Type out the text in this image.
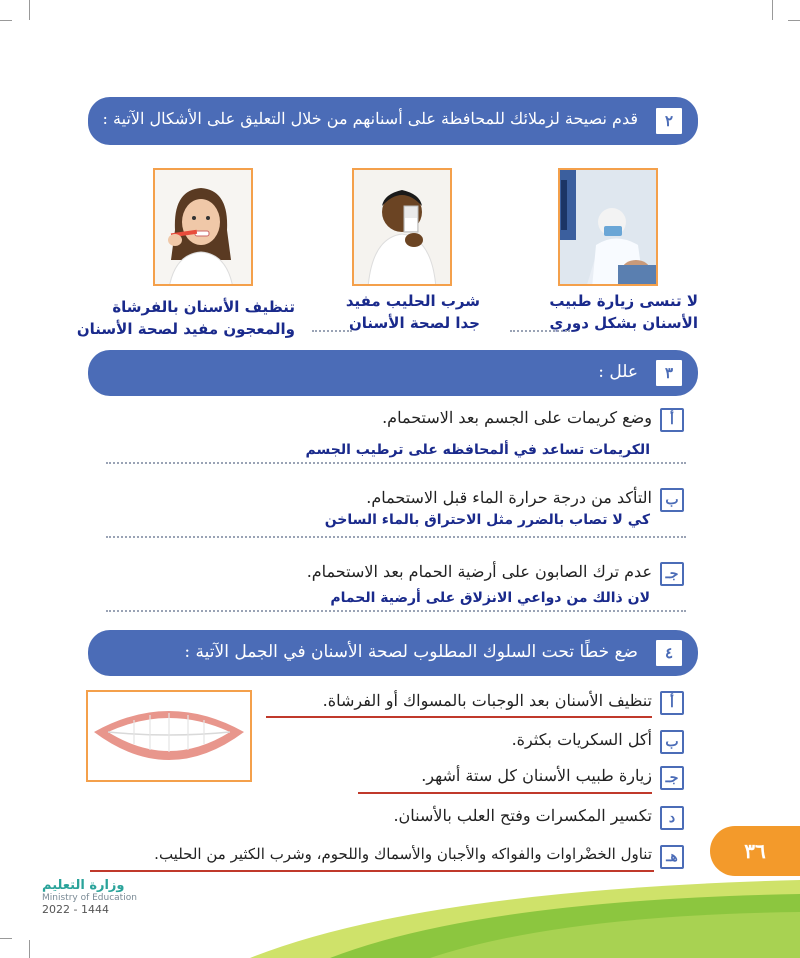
٢
قدم نصيحة لزملائك للمحافظة على أسنانهم من خلال التعليق على الأشكال الآتية :
لا تنسى زيارة طبيب
الأسنان بشكل دوري
شرب الحليب مفيد
جدا لصحة الأسنان
تنظيف الأسنان بالفرشاة
والمعجون مفيد لصحة الأسنان
٣
علل :
أ
وضع كريمات على الجسم بعد الاستحمام.
الكريمات تساعد في ألمحافظه على ترطيب الجسم
ب
التأكد من درجة حرارة الماء قبل الاستحمام.
كي لا تصاب بالضرر مثل الاحتراق بالماء الساخن
جـ
عدم ترك الصابون على أرضية الحمام بعد الاستحمام.
لان ذالك من دواعي الانزلاق على أرضية الحمام
٤
ضع خطًا تحت السلوك المطلوب لصحة الأسنان في الجمل الآتية :
أ
تنظيف الأسنان بعد الوجبات بالمسواك أو الفرشاة.
ب
أكل السكريات بكثرة.
جـ
زيارة طبيب الأسنان كل ستة أشهر.
د
تكسير المكسرات وفتح العلب بالأسنان.
هـ
تناول الخضْراوات والفواكه والأجبان والأسماك واللحوم، وشرب الكثير من الحليب.	٣٦
وزارة التعليم
Ministry of Education
2022 - 1444
